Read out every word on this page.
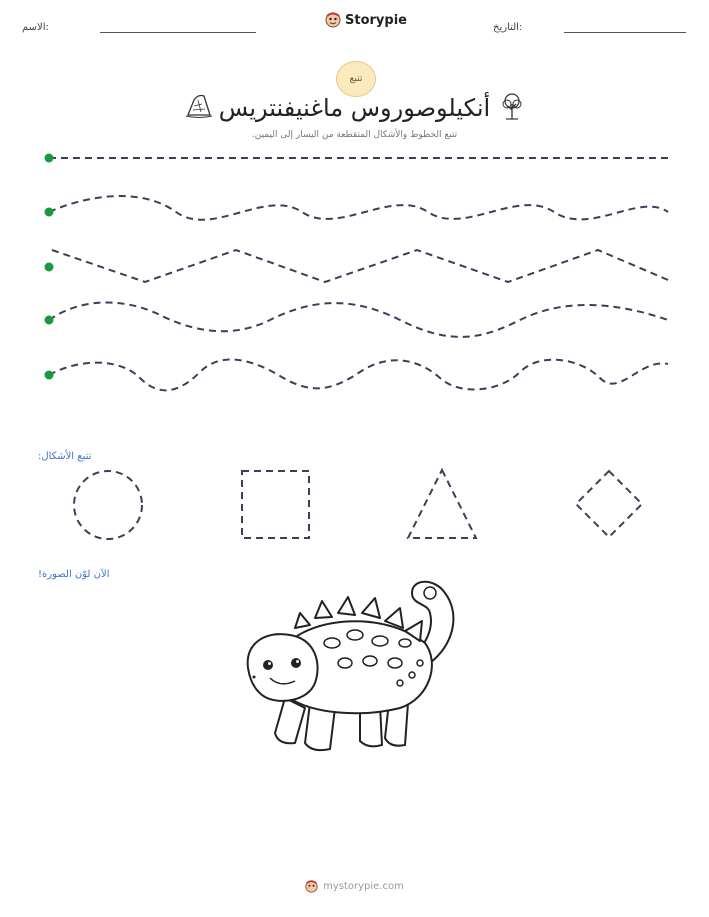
الاسم:	Storypie	التاريخ:
تتبع
أنكيلوصوروس ماغنيفنتريس
تتبع الخطوط والأشكال المتقطعة من اليسار إلى اليمين.
تتبع الأشكال:
الآن لوّن الصورة!
mystorypie.com
